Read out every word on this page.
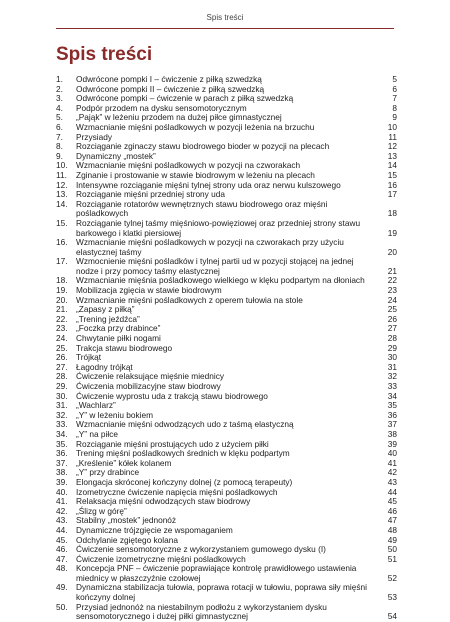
Spis treści
Spis treści
1.	Odwrócone pompki I – ćwiczenie z piłką szwedzką	5
2.	Odwrócone pompki II – ćwiczenie z piłką szwedzką	6
3.	Odwrócone pompki – ćwiczenie w parach z piłką szwedzką	7
4.	Podpór przodem na dysku sensomotorycznym	8
5.	„Pająk” w leżeniu przodem na dużej piłce gimnastycznej	9
6.	Wzmacnianie mięśni pośladkowych w pozycji leżenia na brzuchu	10
7.	Przysiady	11
8.	Rozciąganie zginaczy stawu biodrowego bioder w pozycji na plecach	12
9.	Dynamiczny „mostek”	13
10.	Wzmacnianie mięśni pośladkowych w pozycji na czworakach	14
11.	Zginanie i prostowanie w stawie biodrowym w leżeniu na plecach	15
12.	Intensywne rozciąganie mięśni tylnej strony uda oraz nerwu kulszowego	16
13.	Rozciąganie mięśni przedniej strony uda	17
14.	Rozciąganie rotatorów wewnętrznych stawu biodrowego oraz mięśni pośladkowych	18
15.	Rozciąganie tylnej taśmy mięśniowo-powięziowej oraz przedniej strony stawu barkowego i klatki piersiowej	19
16.	Wzmacnianie mięśni pośladkowych w pozycji na czworakach przy użyciu elastycznej taśmy	20
17.	Wzmocnienie mięśni pośladków i tylnej partii ud w pozycji stojącej na jednej nodze i przy pomocy taśmy elastycznej	21
18.	Wzmacnianie mięśnia pośladkowego wielkiego w klęku podpartym na dłoniach	22
19.	Mobilizacja zgięcia w stawie biodrowym	23
20.	Wzmacnianie mięśni pośladkowych z operem tułowia na stole	24
21.	„Zapasy z piłką”	25
22.	„Trening jeźdźca”	26
23.	„Foczka przy drabince”	27
24.	Chwytanie piłki nogami	28
25.	Trakcja stawu biodrowego	29
26.	Trójkąt	30
27.	Łagodny trójkąt	31
28.	Ćwiczenie relaksujące mięśnie miednicy	32
29.	Ćwiczenia mobilizacyjne staw biodrowy	33
30.	Ćwiczenie wyprostu uda z trakcją stawu biodrowego	34
31.	„Wachlarz”	35
32.	„Y” w leżeniu bokiem	36
33.	Wzmacnianie mięśni odwodzących udo z taśmą elastyczną	37
34.	„Y” na piłce	38
35.	Rozciąganie mięśni prostujących udo z użyciem piłki	39
36.	Trening mięśni pośladkowych średnich w klęku podpartym	40
37.	„Kreślenie” kółek kolanem	41
38.	„Y” przy drabince	42
39.	Elongacja skróconej kończyny dolnej (z pomocą terapeuty)	43
40.	Izometryczne ćwiczenie napięcia mięśni pośladkowych	44
41.	Relaksacja mięśni odwodzących staw biodrowy	45
42.	„Ślizg w górę”	46
43.	Stabilny „mostek” jednonóż	47
44.	Dynamiczne trójzgięcie ze wspomaganiem	48
45.	Odchylanie zgiętego kolana	49
46.	Ćwiczenie sensomotoryczne z wykorzystaniem gumowego dysku (I)	50
47.	Ćwiczenie izometryczne mięśni pośladkowych	51
48.	Koncepcja PNF – ćwiczenie poprawiające kontrolę prawidłowego ustawienia miednicy w płaszczyźnie czołowej	52
49.	Dynamiczna stabilizacja tułowia, poprawa rotacji w tułowiu, poprawa siły mięśni kończyny dolnej	53
50.	Przysiad jednonóż na niestabilnym podłożu z wykorzystaniem dysku sensomotorycznego i dużej piłki gimnastycznej	54
